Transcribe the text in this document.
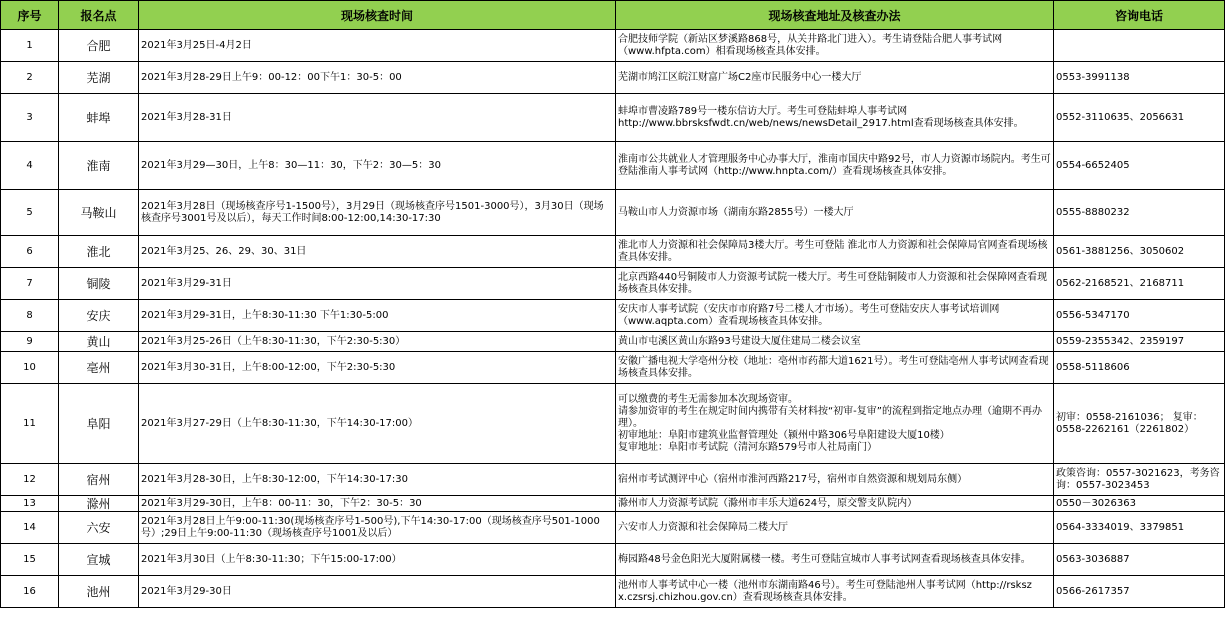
序号	报名点	现场核查时间	现场核查地址及核查办法	咨询电话
1	合肥	2021年3月25日-4月2日	合肥技师学院（新站区梦溪路868号，从关井路北门进入）。考生请登陆合肥人事考试网（www.hfpta.com）相看现场核查具体安排。	
2	芜湖	2021年3月28-29日上午9：00-12：00下午1：30-5：00	芜湖市鸠江区皖江财富广场C2座市民服务中心一楼大厅	0553-3991138
3	蚌埠	2021年3月28-31日	蚌埠市曹凌路789号一楼东信访大厅。考生可登陆蚌埠人事考试网http://www.bbrsksfwdt.cn/web/news/newsDetail_2917.html查看现场核查具体安排。	0552-3110635、2056631
4	淮南	2021年3月29—30日，上午8：30—11：30，下午2：30—5：30	淮南市公共就业人才管理服务中心办事大厅，淮南市国庆中路92号，市人力资源市场院内。考生可登陆淮南人事考试网（http://www.hnpta.com/）查看现场核查具体安排。	0554-6652405
5	马鞍山	2021年3月28日（现场核查序号1-1500号），3月29日（现场核查序号1501-3000号），3月30日（现场核查序号3001号及以后），每天工作时间8:00-12:00,14:30-17:30	马鞍山市人力资源市场（湖南东路2855号）一楼大厅	0555-8880232
6	淮北	2021年3月25、26、29、30、31日	淮北市人力资源和社会保障局3楼大厅。考生可登陆 淮北市人力资源和社会保障局官网查看现场核查具体安排。	0561-3881256、3050602
7	铜陵	2021年3月29-31日	北京西路440号铜陵市人力资源考试院一楼大厅。考生可登陆铜陵市人力资源和社会保障网查看现场核查具体安排。	0562-2168521、2168711
8	安庆	2021年3月29-31日，上午8:30-11:30 下午1:30-5:00	安庆市人事考试院（安庆市市府路7号二楼人才市场）。考生可登陆安庆人事考试培训网（www.aqpta.com）查看现场核查具体安排。	0556-5347170
9	黄山	2021年3月25-26日（上午8:30-11:30，下午2:30-5:30）	黄山市屯溪区黄山东路93号建设大厦住建局二楼会议室	0559-2355342、2359197
10	亳州	2021年3月30-31日，上午8:00-12:00，下午2:30-5:30	安徽广播电视大学亳州分校（地址：亳州市药都大道1621号）。考生可登陆亳州人事考试网查看现场核查具体安排。	0558-5118606
11	阜阳	2021年3月27-29日（上午8:30-11:30，下午14:30-17:00）	可以缴费的考生无需参加本次现场资审。
请参加资审的考生在规定时间内携带有关材料按“初审-复审”的流程到指定地点办理（逾期不再办理）。
初审地址：阜阳市建筑业监督管理处（颍州中路306号阜阳建设大厦10楼）
复审地址：阜阳市考试院（清河东路579号市人社局南门）	初审：0558-2161036； 复审：0558-2262161（2261802）
12	宿州	2021年3月28-30日，上午8:30-12:00，下午14:30-17:30	宿州市考试测评中心（宿州市淮河西路217号，宿州市自然资源和规划局东侧）	政策咨询：0557-3021623，考务咨询：0557-3023453
13	滁州	2021年3月29-30日，上午8：00-11：30，下午2：30-5：30	滁州市人力资源考试院（滁州市丰乐大道624号，原交警支队院内）	0550－3026363
14	六安	2021年3月28日上午9:00-11:30(现场核查序号1-500号),下午14:30-17:00（现场核查序号501-1000号）;29日上午9:00-11:30（现场核查序号1001及以后）	六安市人力资源和社会保障局二楼大厅	0564-3334019、3379851
15	宣城	2021年3月30日（上午8:30-11:30；下午15:00-17:00）	梅园路48号金色阳光大厦附属楼一楼。考生可登陆宣城市人事考试网查看现场核查具体安排。	0563-3036887
16	池州	2021年3月29-30日	池州市人事考试中心一楼（池州市东湖南路46号）。考生可登陆池州人事考试网（http://rsksz x.czsrsj.chizhou.gov.cn）查看现场核查具体安排。	0566-2617357
